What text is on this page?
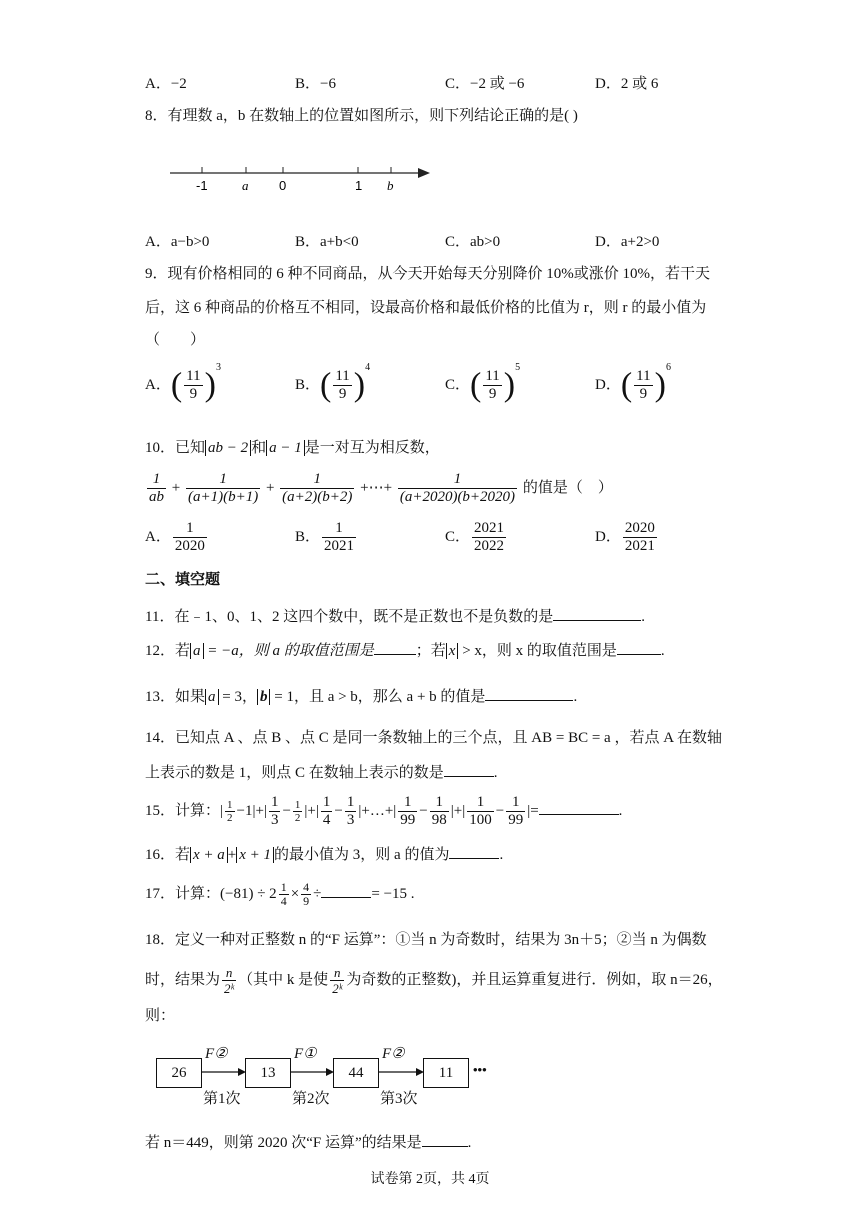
A．−2	B．−6	C．−2 或 −6	D．2 或 6
8．有理数 a，b 在数轴上的位置如图所示，则下列结论正确的是( )
-1	a 0	1 b
A．a−b>0	B．a+b<0	C．ab>0	D．a+2>0
9．现有价格相同的 6 种不同商品，从今天开始每天分别降价 10%或涨价 10%，若干天
后，这 6 种商品的价格互不相同，设最高价格和最低价格的比值为 r，则 r 的最小值为
（　　）
A．( $\frac{11}{9} )^3$
B．( $\frac{11}{9} )^4$
C．( $\frac{11}{9} )^5$
D．( $\frac{11}{9} )^6$
10．已知 ab − 2 和 a − 1 是一对互为相反数，
$\frac{1}{ab} + \frac{1}{(a+1)(b+1)} + \frac{1}{(a+2)(b+2)}$ +⋯+ $\frac{1}{(a+2020)(b+2020)}$ 的值是（　）
A． $\frac{1}{2020}$	B． $\frac{1}{2021}$	C． $\frac{2021}{2022}$	D． $\frac{2020}{2021}$
二、填空题
11．在﹣1、0、1、2 这四个数中，既不是正数也不是负数的是	.
12．若 a = −a，则 a 的取值范围是	；若 x > x，则 x 的取值范围是	.
13．如果 a = 3， b = 1，且 a > b，那么 a + b 的值是	.
14．已知点 A 、点 B 、点 C 是同一条数轴上的三个点，且 AB = BC = a ，若点 A 在数轴
上表示的数是 1，则点 C 在数轴上表示的数是	.
15．计算：| $\frac{1}{2} -1|+| \frac{1}{3} - \frac{1}{2}$ |+| $\frac{1}{4} - \frac{1}{3}$ |+…+| $\frac{1}{99} - \frac{1}{98}$ |+| $\frac{1}{100} - \frac{1}{99}$ |=	.
16．若 x + a + x + 1 的最小值为 3，则 a 的值为	.
17．计算：$(-81) \div 2 \frac{1}{4} \times \frac{4}{9}$ ÷	= −15 .
18．定义一种对正整数 n 的“F 运算”：①当 n 为奇数时，结果为 3n＋5；②当 n 为偶数
时，结果为 $\frac{n}{\text{2ᵏ}}$ （其中 k 是使 $\frac{n}{\text{2ᵏ}}$ 为奇数的正整数)，并且运算重复进行．例如，取 n＝26，
则：
26	13	44	11
F②	F①	F②
第1次	第2次	第3次
•••
若 n＝449，则第 2020 次“F 运算”的结果是	.
试卷第 2页，共 4页
